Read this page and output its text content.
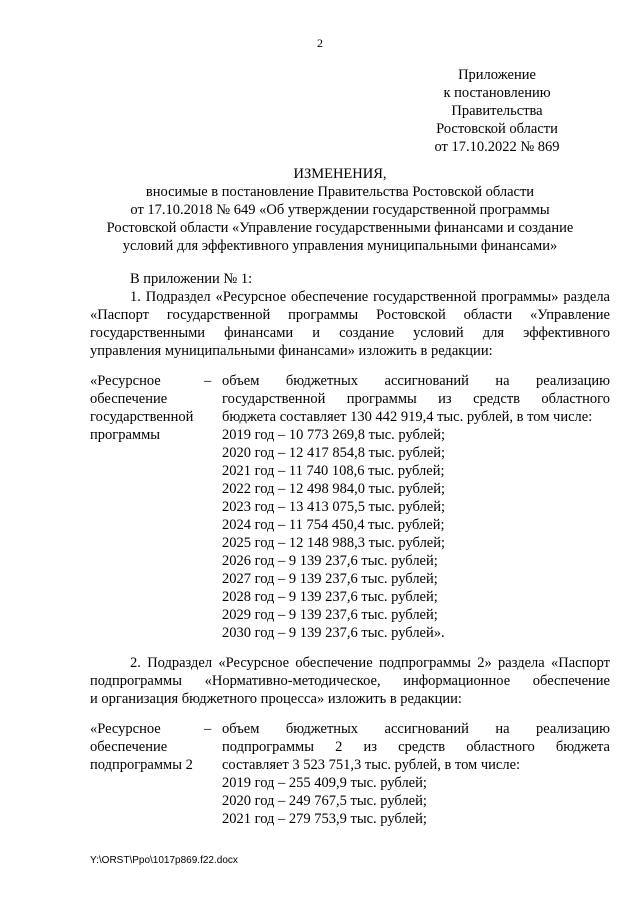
2
Приложение
к постановлению
Правительства
Ростовской области
от 17.10.2022 № 869
ИЗМЕНЕНИЯ,
вносимые в постановление Правительства Ростовской области
от 17.10.2018 № 649 «Об утверждении государственной программы
Ростовской области «Управление государственными финансами и создание
условий для эффективного управления муниципальными финансами»
В приложении № 1:
1. Подраздел «Ресурсное обеспечение государственной программы» раздела
«Паспорт государственной программы Ростовской области «Управление
государственными финансами и создание условий для эффективного
управления муниципальными финансами» изложить в редакции:
«Ресурсное
обеспечение
государственной
программы
– объем бюджетных ассигнований на реализацию
государственной программы из средств областного
бюджета составляет 130 442 919,4 тыс. рублей, в том числе:
2019 год – 10 773 269,8 тыс. рублей;
2020 год – 12 417 854,8 тыс. рублей;
2021 год – 11 740 108,6 тыс. рублей;
2022 год – 12 498 984,0 тыс. рублей;
2023 год – 13 413 075,5 тыс. рублей;
2024 год – 11 754 450,4 тыс. рублей;
2025 год – 12 148 988,3 тыс. рублей;
2026 год – 9 139 237,6 тыс. рублей;
2027 год – 9 139 237,6 тыс. рублей;
2028 год – 9 139 237,6 тыс. рублей;
2029 год – 9 139 237,6 тыс. рублей;
2030 год – 9 139 237,6 тыс. рублей».
2. Подраздел «Ресурсное обеспечение подпрограммы 2» раздела «Паспорт
подпрограммы «Нормативно-методическое, информационное обеспечение
и организация бюджетного процесса» изложить в редакции:
«Ресурсное
обеспечение
подпрограммы 2
– объем бюджетных ассигнований на реализацию
подпрограммы 2 из средств областного бюджета
составляет 3 523 751,3 тыс. рублей, в том числе:
2019 год – 255 409,9 тыс. рублей;
2020 год – 249 767,5 тыс. рублей;
2021 год – 279 753,9 тыс. рублей;
Y:\ORST\Ppo\1017p869.f22.docx
